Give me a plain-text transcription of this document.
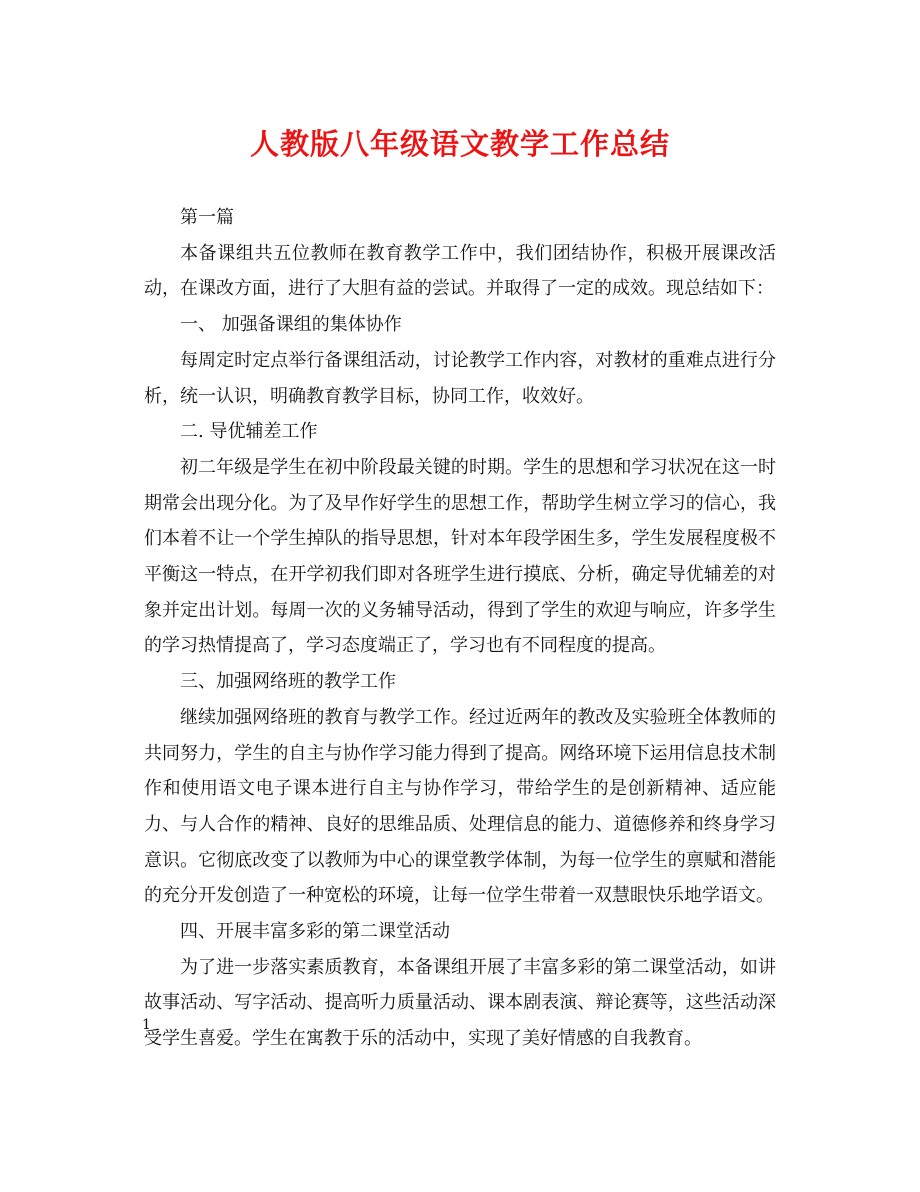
人教版八年级语文教学工作总结

第一篇

本备课组共五位教师在教育教学工作中，我们团结协作，积极开展课改活动，在课改方面，进行了大胆有益的尝试。并取得了一定的成效。现总结如下：

一、 加强备课组的集体协作

每周定时定点举行备课组活动，讨论教学工作内容，对教材的重难点进行分析，统一认识，明确教育教学目标，协同工作，收效好。

二. 导优辅差工作

初二年级是学生在初中阶段最关键的时期。学生的思想和学习状况在这一时期常会出现分化。为了及早作好学生的思想工作，帮助学生树立学习的信心，我们本着不让一个学生掉队的指导思想，针对本年段学困生多，学生发展程度极不平衡这一特点，在开学初我们即对各班学生进行摸底、分析，确定导优辅差的对象并定出计划。每周一次的义务辅导活动，得到了学生的欢迎与响应，许多学生的学习热情提高了，学习态度端正了，学习也有不同程度的提高。

三、加强网络班的教学工作

继续加强网络班的教育与教学工作。经过近两年的教改及实验班全体教师的共同努力，学生的自主与协作学习能力得到了提高。网络环境下运用信息技术制作和使用语文电子课本进行自主与协作学习，带给学生的是创新精神、适应能力、与人合作的精神、良好的思维品质、处理信息的能力、道德修养和终身学习意识。它彻底改变了以教师为中心的课堂教学体制，为每一位学生的禀赋和潜能的充分开发创造了一种宽松的环境，让每一位学生带着一双慧眼快乐地学语文。

四、开展丰富多彩的第二课堂活动

为了进一步落实素质教育，本备课组开展了丰富多彩的第二课堂活动，如讲故事活动、写字活动、提高听力质量活动、课本剧表演、辩论赛等，这些活动深受学生喜爱。学生在寓教于乐的活动中，实现了美好情感的自我教育。

1
